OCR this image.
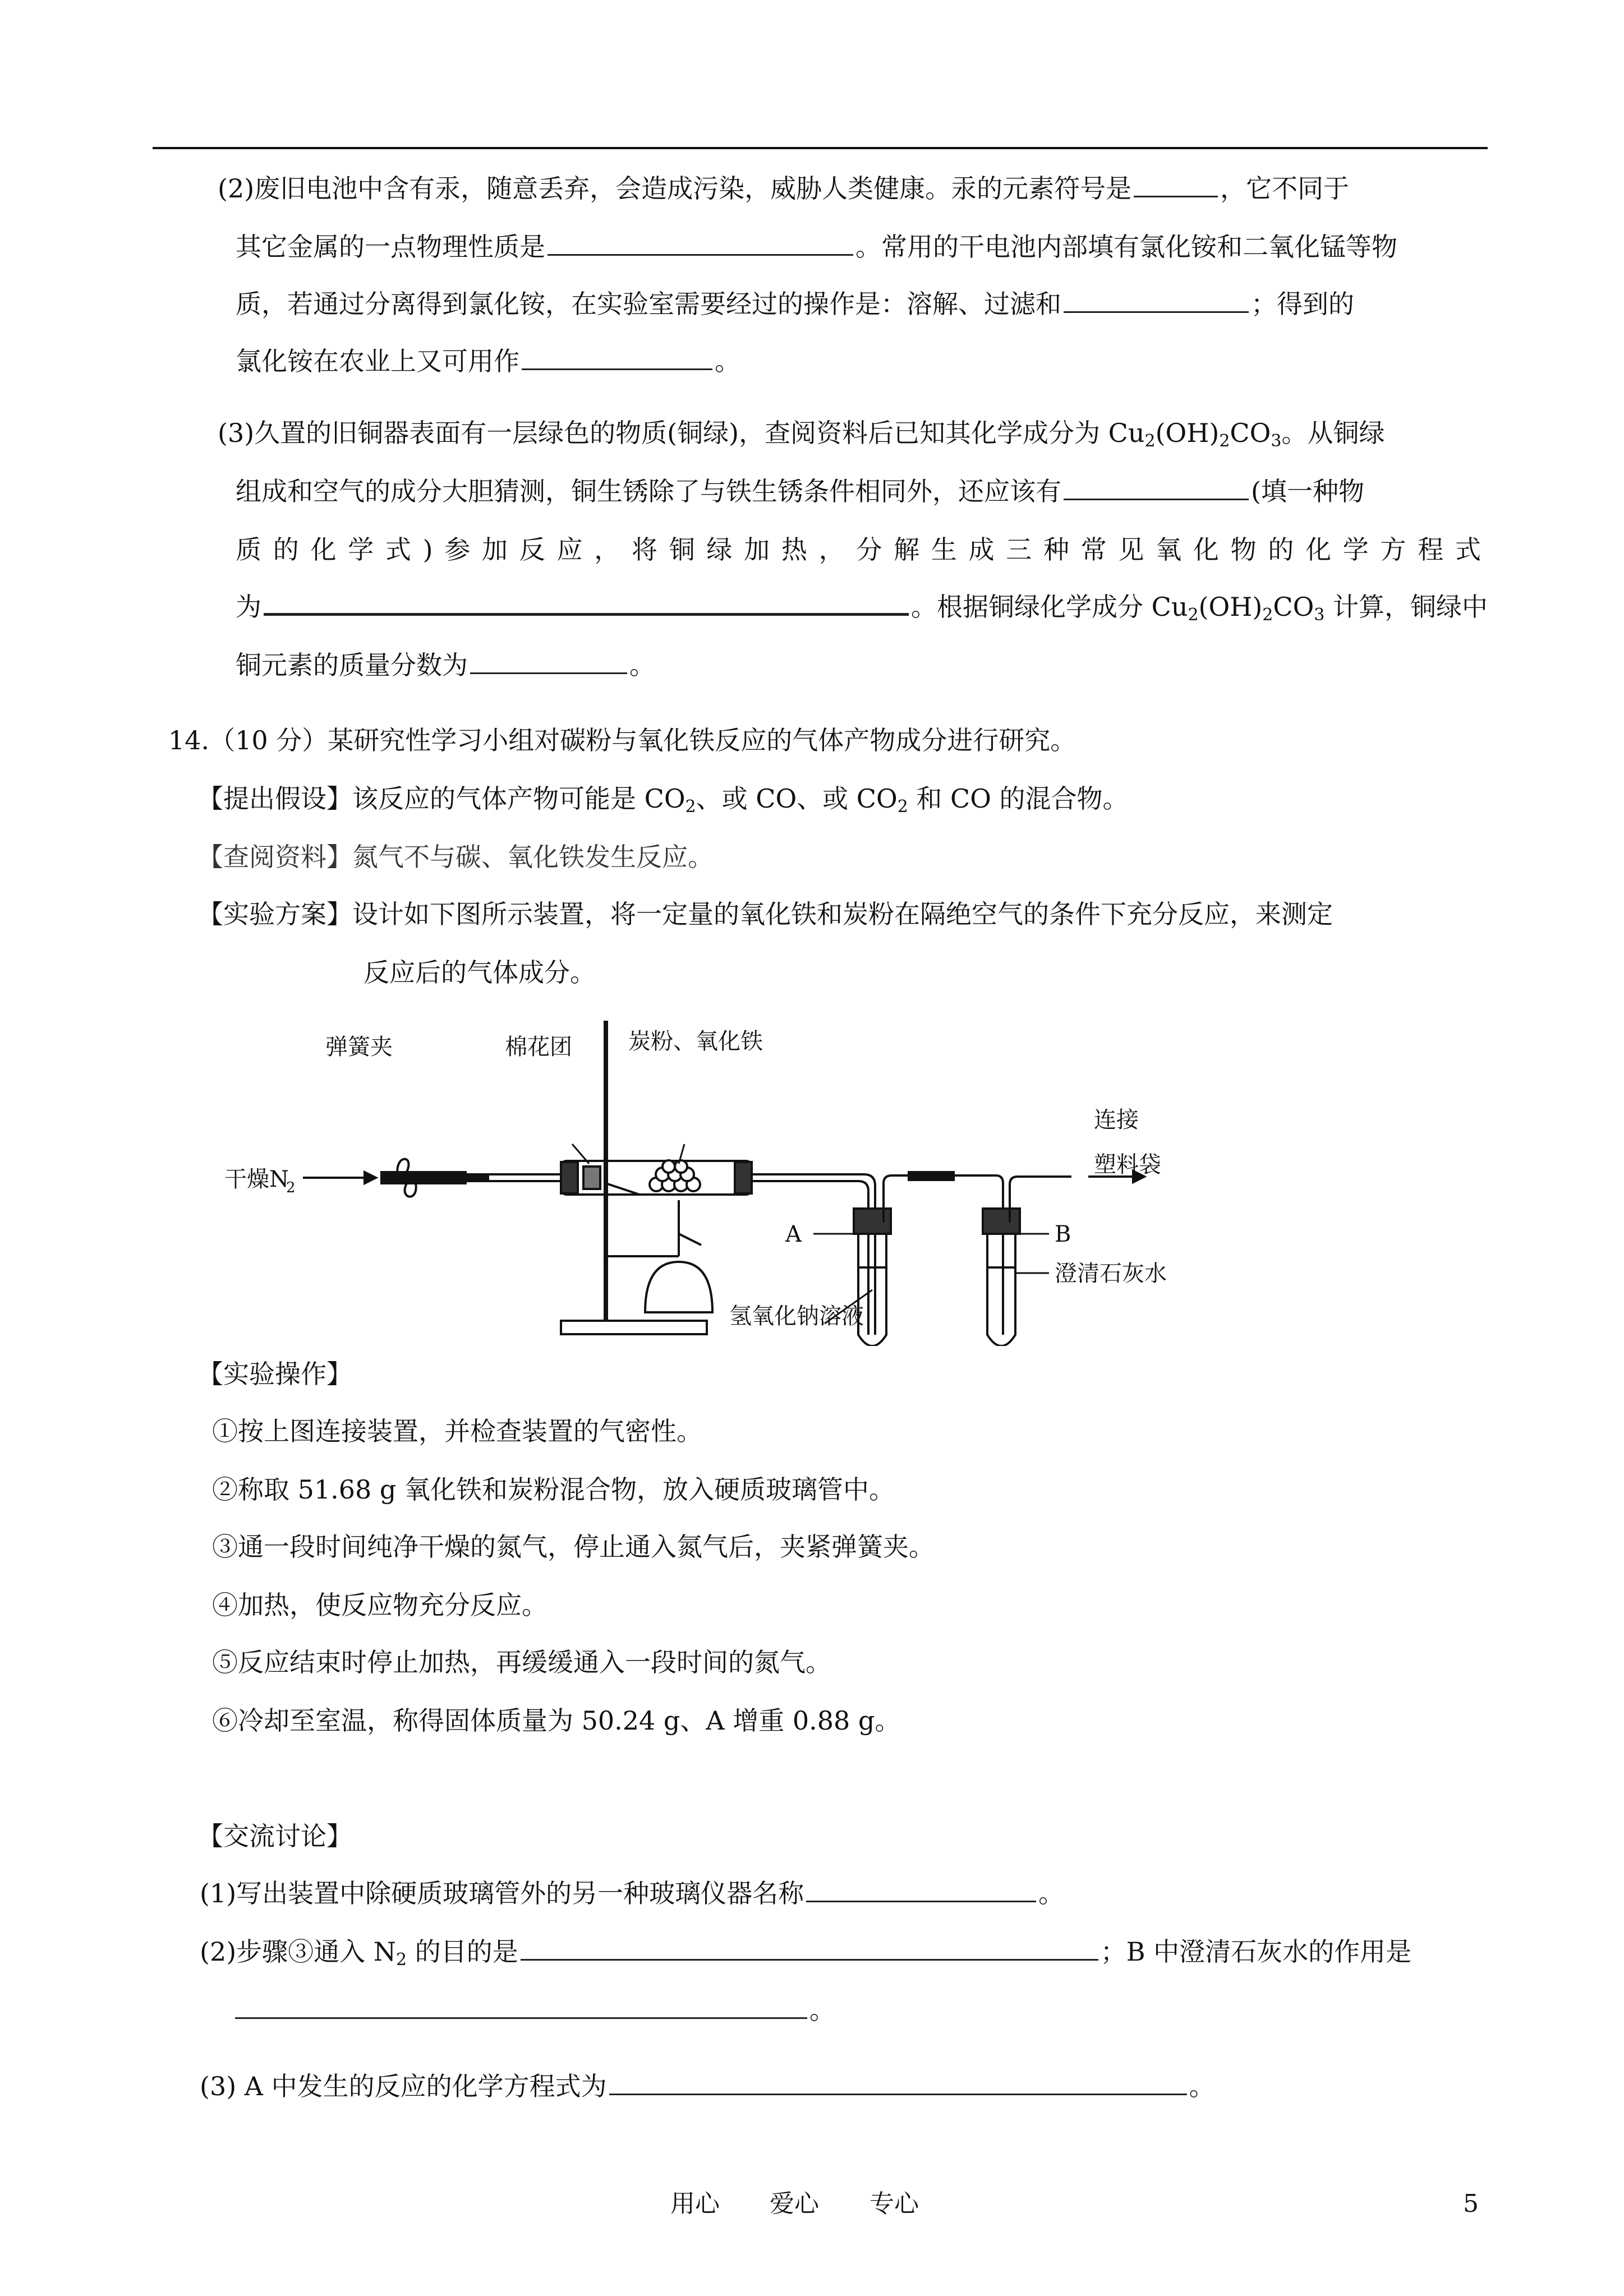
(2)废旧电池中含有汞，随意丢弃，会造成污染，威胁人类健康。汞的元素符号是	，它不同于
其它金属的一点物理性质是	。常用的干电池内部填有氯化铵和二氧化锰等物
质，若通过分离得到氯化铵，在实验室需要经过的操作是：溶解、过滤和	；得到的
氯化铵在农业上又可用作	。
(3)久置的旧铜器表面有一层绿色的物质(铜绿)，查阅资料后已知其化学成分为 $Cu_2(OH)_2CO_3$。从铜绿
组成和空气的成分大胆猜测，铜生锈除了与铁生锈条件相同外，还应该有	(填一种物
质的化学式)参加反应，将铜绿加热，分解生成三种常见氧化物的化学方程式
为	。根据铜绿化学成分 $Cu_2(OH)_2CO_3$ 计算，铜绿中
铜元素的质量分数为	。
14.（10 分）某研究性学习小组对碳粉与氧化铁反应的气体产物成分进行研究。
【提出假设】该反应的气体产物可能是 $CO_2$、或 CO、或 $CO_2$ 和 CO 的混合物。
【查阅资料】氮气不与碳、氧化铁发生反应。
【实验方案】设计如下图所示装置，将一定量的氧化铁和炭粉在隔绝空气的条件下充分反应，来测定
反应后的气体成分。
弹簧夹	棉花团	炭粉、氧化铁
连接
塑料袋
干燥N
2
A	B
氢氧化钠溶液
澄清石灰水
【实验操作】
①按上图连接装置，并检查装置的气密性。
②称取 51.68 g 氧化铁和炭粉混合物，放入硬质玻璃管中。
③通一段时间纯净干燥的氮气，停止通入氮气后，夹紧弹簧夹。
④加热，使反应物充分反应。
⑤反应结束时停止加热，再缓缓通入一段时间的氮气。
⑥冷却至室温，称得固体质量为 50.24 g、A 增重 0.88 g。
【交流讨论】
(1)写出装置中除硬质玻璃管外的另一种玻璃仪器名称	。
(2)步骤③通入 $N_2$ 的目的是	；B 中澄清石灰水的作用是
。
(3) A 中发生的反应的化学方程式为	。
用心 爱心 专心	5
